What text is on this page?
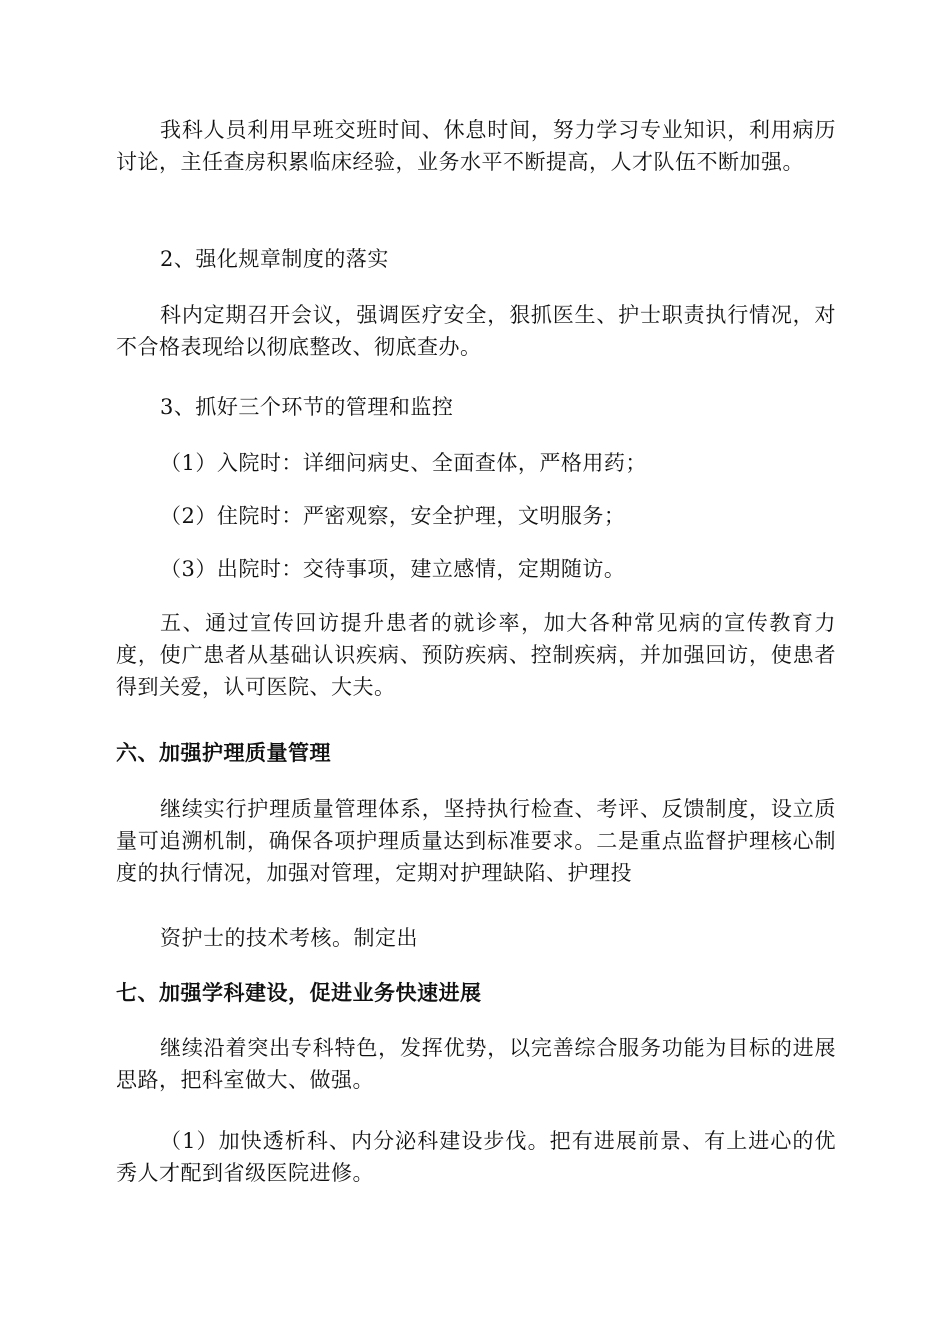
我科人员利用早班交班时间、休息时间，努力学习专业知识，利用病历讨论，主任查房积累临床经验，业务水平不断提高，人才队伍不断加强。

2、强化规章制度的落实

科内定期召开会议，强调医疗安全，狠抓医生、护士职责执行情况，对不合格表现给以彻底整改、彻底查办。

3、抓好三个环节的管理和监控

（1）入院时：详细问病史、全面查体，严格用药；

（2）住院时：严密观察，安全护理，文明服务；

（3）出院时：交待事项，建立感情，定期随访。

五、通过宣传回访提升患者的就诊率，加大各种常见病的宣传教育力度，使广患者从基础认识疾病、预防疾病、控制疾病，并加强回访，使患者得到关爱，认可医院、大夫。

六、加强护理质量管理

继续实行护理质量管理体系，坚持执行检查、考评、反馈制度，设立质量可追溯机制，确保各项护理质量达到标准要求。二是重点监督护理核心制度的执行情况，加强对管理，定期对护理缺陷、护理投

资护士的技术考核。制定出

七、加强学科建设，促进业务快速进展

继续沿着突出专科特色，发挥优势，以完善综合服务功能为目标的进展思路，把科室做大、做强。

（1）加快透析科、内分泌科建设步伐。把有进展前景、有上进心的优秀人才配到省级医院进修。
